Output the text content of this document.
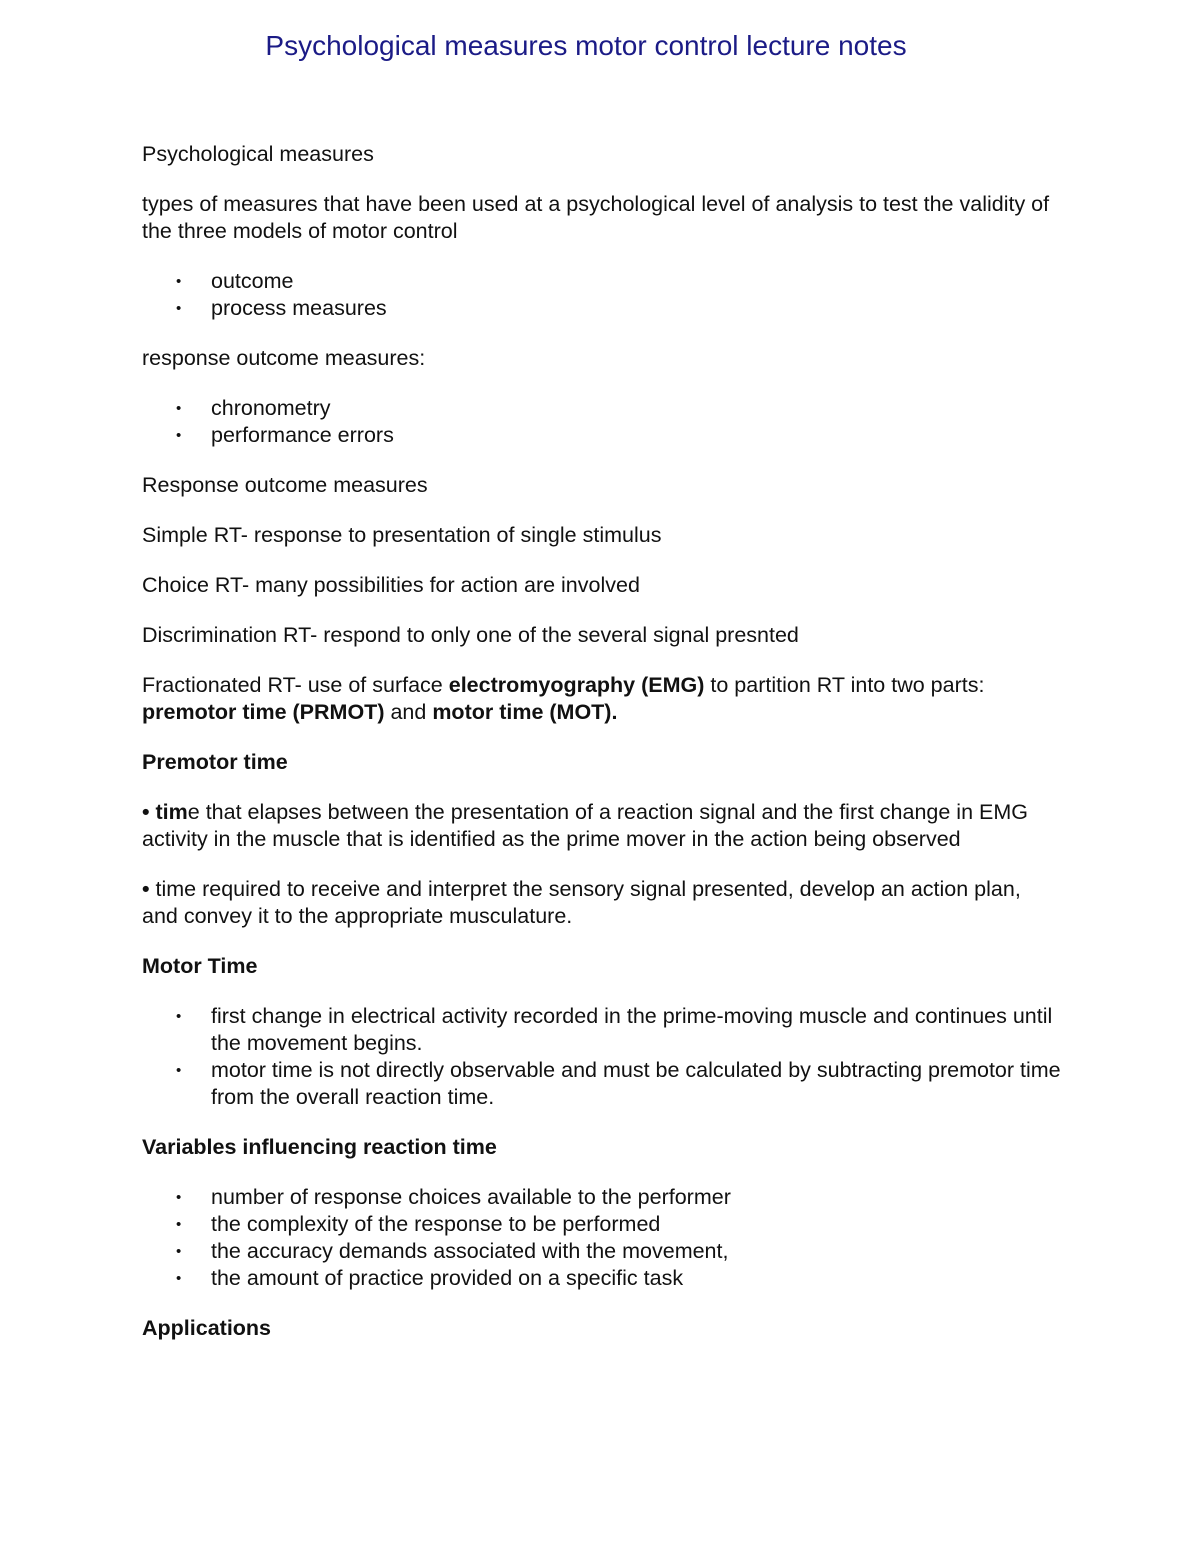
Psychological measures motor control lecture notes

Psychological measures

types of measures that have been used at a psychological level of analysis to test the validity of the three models of motor control

• outcome
• process measures

response outcome measures:

• chronometry
• performance errors

Response outcome measures

Simple RT- response to presentation of single stimulus

Choice RT- many possibilities for action are involved

Discrimination RT- respond to only one of the several signal presnted

Fractionated RT- use of surface electromyography (EMG) to partition RT into two parts: premotor time (PRMOT) and motor time (MOT).

Premotor time

• time that elapses between the presentation of a reaction signal and the first change in EMG activity in the muscle that is identified as the prime mover in the action being observed

• time required to receive and interpret the sensory signal presented, develop an action plan, and convey it to the appropriate musculature.

Motor Time

• first change in electrical activity recorded in the prime-moving muscle and continues until the movement begins.
• motor time is not directly observable and must be calculated by subtracting premotor time from the overall reaction time.

Variables influencing reaction time

• number of response choices available to the performer
• the complexity of the response to be performed
• the accuracy demands associated with the movement,
• the amount of practice provided on a specific task

Applications
